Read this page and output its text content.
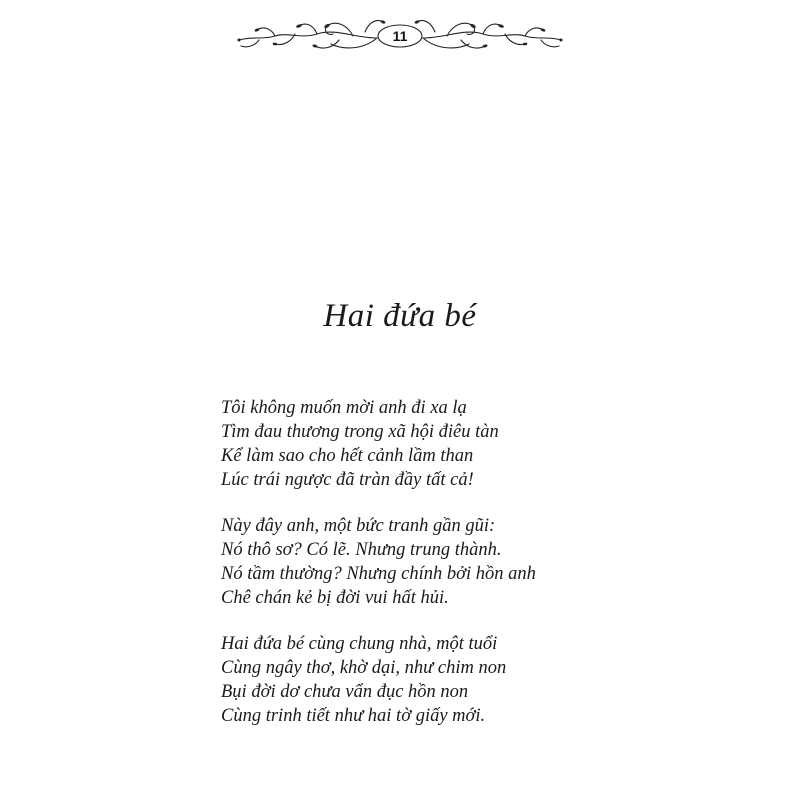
11
Hai đứa bé
Tôi không muốn mời anh đi xa lạ
Tìm đau thương trong xã hội điêu tàn
Kể làm sao cho hết cảnh lầm than
Lúc trái ngược đã tràn đầy tất cả!
Này đây anh, một bức tranh gần gũi:
Nó thô sơ? Có lẽ. Nhưng trung thành.
Nó tầm thường? Nhưng chính bởi hồn anh
Chê chán kẻ bị đời vui hất hủi.
Hai đứa bé cùng chung nhà, một tuổi
Cùng ngây thơ, khờ dại, như chim non
Bụi đời dơ chưa vẩn đục hồn non
Cùng trinh tiết như hai tờ giấy mới.
